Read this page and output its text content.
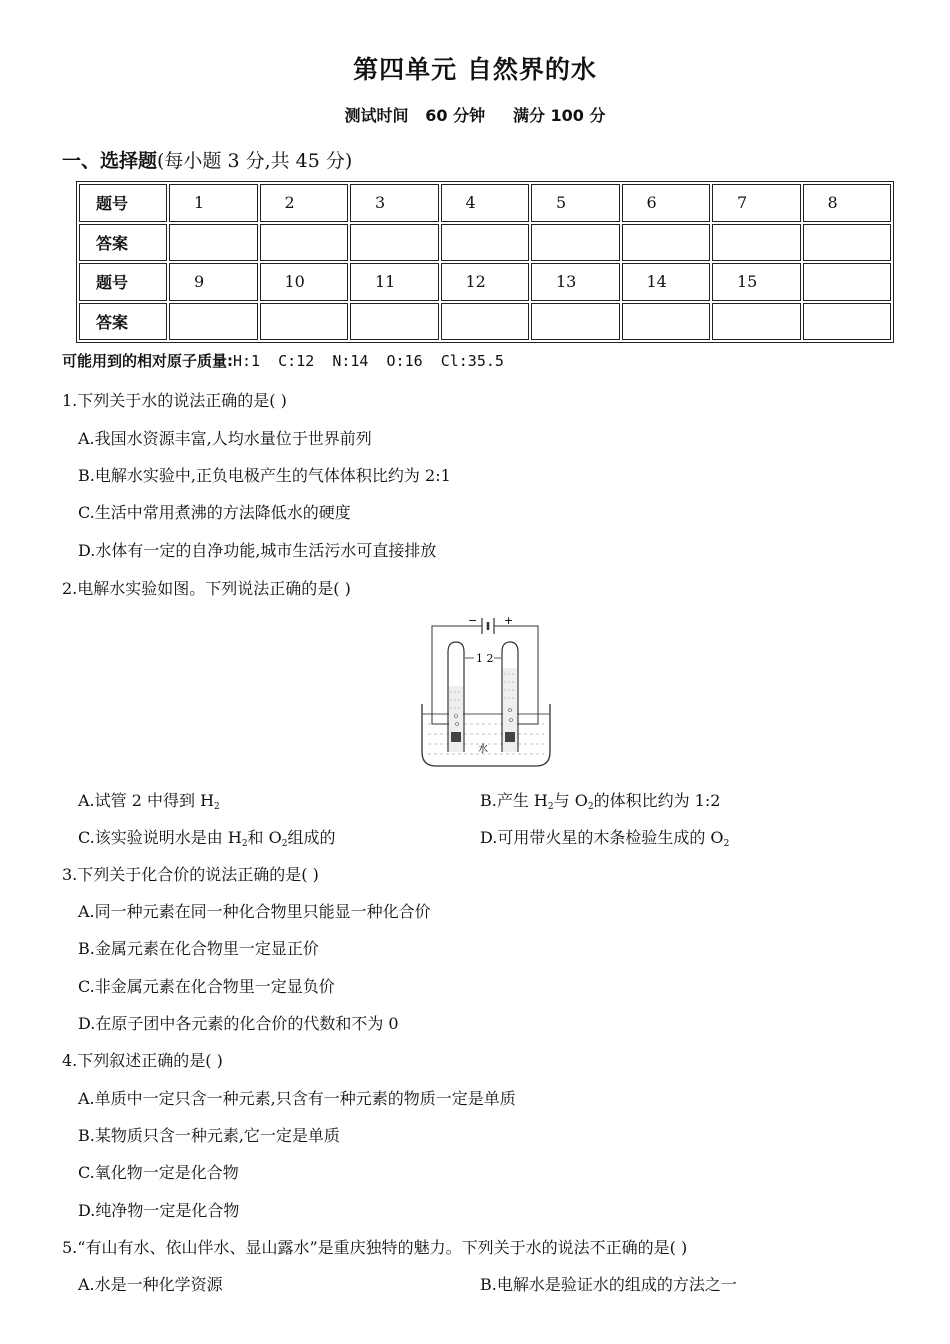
第四单元 自然界的水
测试时间 60 分钟 满分 100 分
一、选择题(每小题 3 分,共 45 分)
题号	1	2	3	4	5	6	7	8
答案								
题号	9	10	11	12	13	14	15	
答案								
可能用到的相对原子质量:H:1  C:12  N:14  O:16  Cl:35.5
1.下列关于水的说法正确的是( )
A.我国水资源丰富,人均水量位于世界前列
B.电解水实验中,正负电极产生的气体体积比约为 2:1
C.生活中常用煮沸的方法降低水的硬度
D.水体有一定的自净功能,城市生活污水可直接排放
2.电解水实验如图。下列说法正确的是( )
− +
1 2
水
A.试管 2 中得到 $H_2$	B.产生 $H_2$与 $O_2$的体积比约为 1:2
C.该实验说明水是由 $H_2$和 $O_2$组成的	D.可用带火星的木条检验生成的 $O_2$
3.下列关于化合价的说法正确的是( )
A.同一种元素在同一种化合物里只能显一种化合价
B.金属元素在化合物里一定显正价
C.非金属元素在化合物里一定显负价
D.在原子团中各元素的化合价的代数和不为 0
4.下列叙述正确的是( )
A.单质中一定只含一种元素,只含有一种元素的物质一定是单质
B.某物质只含一种元素,它一定是单质
C.氧化物一定是化合物
D.纯净物一定是化合物
5.“有山有水、依山伴水、显山露水”是重庆独特的魅力。下列关于水的说法不正确的是( )
A.水是一种化学资源	B.电解水是验证水的组成的方法之一
